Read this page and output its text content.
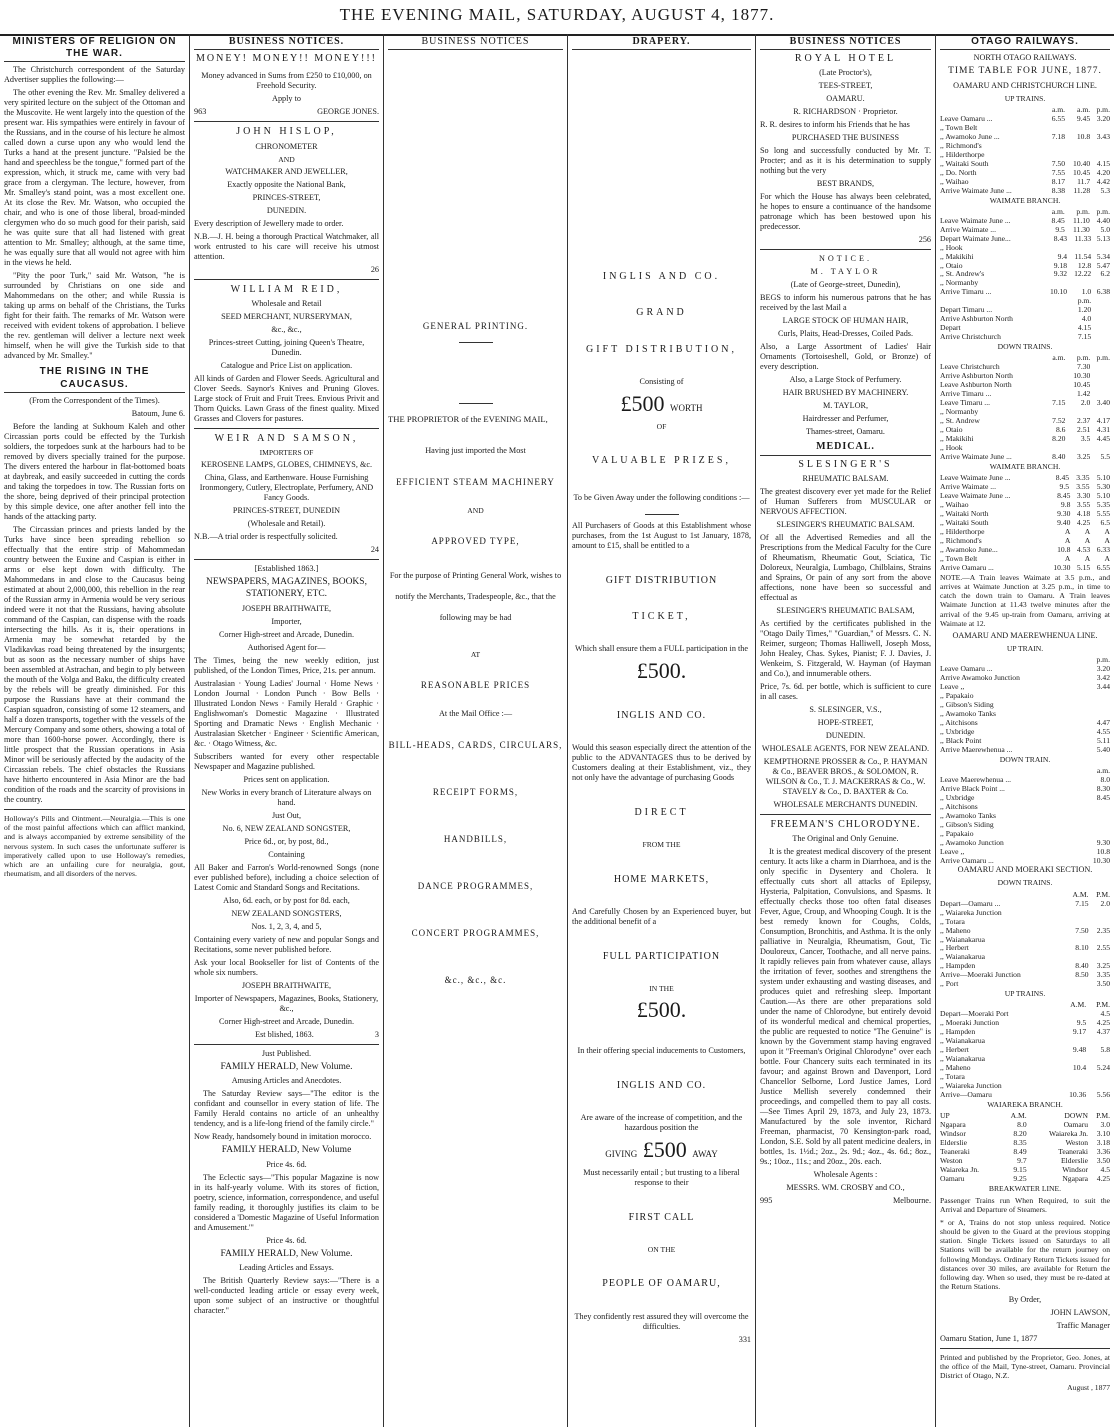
THE EVENING MAIL, SATURDAY, AUGUST 4, 1877.
MINISTERS OF RELIGION ON THE WAR.

The Christchurch correspondent of the Saturday Advertiser supplies the following:—

The other evening the Rev. Mr. Smalley delivered a very spirited lecture on the subject of the Ottoman and the Muscovite. He went largely into the question of the present war. His sympathies were entirely in favour of the Russians, and in the course of his lecture he almost called down a curse upon any who would lend the Turks a hand at the present juncture. "Palsied be the hand and speechless be the tongue," formed part of the expression, which, it struck me, came with very bad grace from a clergyman. The lecture, however, from Mr. Smalley's stand point, was a most excellent one. At its close the Rev. Mr. Watson, who occupied the chair, and who is one of those liberal, broad-minded clergymen who do so much good for their parish, said he was quite sure that all had listened with great attention to Mr. Smalley; although, at the same time, he was equally sure that all would not agree with him in the views he held.

"Pity the poor Turk," said Mr. Watson, "he is surrounded by Christians on one side and Mahommedans on the other; and while Russia is taking up arms on behalf of the Christians, the Turks fight for their faith. The remarks of Mr. Watson were received with evident tokens of approbation. I believe the rev. gentleman will deliver a lecture next week himself, when he will give the Turkish side to that advanced by Mr. Smalley."

THE RISING IN THE CAUCASUS.

(From the Correspondent of the Times).

Batoum, June 6.

Before the landing at Sukhoum Kaleh and other Circassian ports could be effected by the Turkish soldiers, the torpedoes sunk at the harbours had to be removed by divers specially trained for the purpose. The divers entered the harbour in flat-bottomed boats at daybreak, and easily succeeded in cutting the cords and taking the torpedoes in tow. The Russian forts on the shore, being deprived of their principal protection by this simple device, one after another fell into the hands of the attacking party.

The Circassian princes and priests landed by the Turks have since been spreading rebellion so effectually that the entire strip of Mahommedan country between the Euxine and Caspian is either in arms or else kept down with difficulty. The Mahommedans in and close to the Caucasus being estimated at about 2,000,000, this rebellion in the rear of the Russian army in Armenia would be very serious indeed were it not that the Russians, having absolute command of the Caspian, can dispense with the roads intersecting the hills. As it is, their operations in Armenia may be somewhat retarded by the Vladikavkas road being threatened by the insurgents; but as soon as the necessary number of ships have been assembled at Astrachan, and begin to ply between the mouth of the Volga and Baku, the difficulty created by the rebels will be greatly diminished. For this purpose the Russians have at their command the Caspian squadron, consisting of some 12 steamers, and half a dozen transports, together with the vessels of the Mercury Company and some others, showing a total of more than 1600-horse power. Accordingly, there is little prospect that the Russian operations in Asia Minor will be seriously affected by the audacity of the Circassian rebels. The chief obstacles the Russians have hitherto encountered in Asia Minor are the bad condition of the roads and the scarcity of provisions in the country.

Holloway's Pills and Ointment.—Neuralgia.—This is one of the most painful affections which can afflict mankind, and is always accompanied by extreme sensibility of the nervous system. In such cases the unfortunate sufferer is imperatively called upon to use Holloway's remedies, which are an unfailing cure for neuralgia, gout, rheumatism, and all disorders of the nerves.

BUSINESS NOTICES.
MONEY! MONEY!! MONEY!!!

Money advanced in Sums from £250 to £10,000, on Freehold Security.

Apply to

963	GEORGE JONES.

JOHN HISLOP,

CHRONOMETER

AND

WATCHMAKER AND JEWELLER,

Exactly opposite the National Bank,

PRINCES-STREET,

DUNEDIN.

Every description of Jewellery made to order.

N.B.—J. H. being a thorough Practical Watchmaker, all work entrusted to his care will receive his utmost attention.

26

WILLIAM REID,

Wholesale and Retail

SEED MERCHANT, NURSERYMAN,

&c., &c.,

Princes-street Cutting, joining Queen's Theatre, Dunedin.

Catalogue and Price List on application.

All kinds of Garden and Flower Seeds. Agricultural and Clover Seeds. Saynor's Knives and Pruning Gloves. Large stock of Fruit and Fruit Trees. Envious Privit and Thorn Quicks. Lawn Grass of the finest quality. Mixed Grasses and Clovers for pastures.

WEIR AND SAMSON,

IMPORTERS OF

KEROSENE LAMPS, GLOBES, CHIMNEYS, &c.

China, Glass, and Earthenware. House Furnishing Ironmongery, Cutlery, Electroplate, Perfumery, AND Fancy Goods.

PRINCES-STREET, DUNEDIN

(Wholesale and Retail).

N.B.—A trial order is respectfully solicited.

24

[Established 1863.]

NEWSPAPERS, MAGAZINES, BOOKS, STATIONERY, ETC.

JOSEPH BRAITHWAITE,

Importer,

Corner High-street and Arcade, Dunedin.

Authorised Agent for—

The Times, being the new weekly edition, just published, of the London Times, Price, 21s. per annum.

Australasian · Young Ladies' Journal · Home News · London Journal · London Punch · Bow Bells · Illustrated London News · Family Herald · Graphic · Englishwoman's Domestic Magazine · Illustrated Sporting and Dramatic News · English Mechanic · Australasian Sketcher · Engineer · Scientific American, &c. · Otago Witness, &c.

Subscribers wanted for every other respectable Newspaper and Magazine published.

Prices sent on application.

New Works in every branch of Literature always on hand.

Just Out,

No. 6, NEW ZEALAND SONGSTER,

Price 6d., or, by post, 8d.,

Containing

All Baker and Farron's World-renowned Songs (none ever published before), including a choice selection of Latest Comic and Standard Songs and Recitations.

Also, 6d. each, or by post for 8d. each,

NEW ZEALAND SONGSTERS,

Nos. 1, 2, 3, 4, and 5,

Containing every variety of new and popular Songs and Recitations, some never published before.

Ask your local Bookseller for list of Contents of the whole six numbers.

JOSEPH BRAITHWAITE,

Importer of Newspapers, Magazines, Books, Stationery, &c.,

Corner High-street and Arcade, Dunedin.

Est blished, 1863.	3

Just Published.

FAMILY HERALD, New Volume.

Amusing Articles and Anecdotes.

The Saturday Review says—"The editor is the confidant and counsellor in every station of life. The Family Herald contains no article of an unhealthy tendency, and is a life-long friend of the family circle."

Now Ready, handsomely bound in imitation morocco.

FAMILY HERALD, New Volume

Price 4s. 6d.

The Eclectic says—"This popular Magazine is now in its half-yearly volume. With its stores of fiction, poetry, science, information, correspondence, and useful family reading, it thoroughly justifies its claim to be considered a 'Domestic Magazine of Useful Information and Amusement.'"

Price 4s. 6d.

FAMILY HERALD, New Volume.

Leading Articles and Essays.

The British Quarterly Review says:—"There is a well-conducted leading article or essay every week, upon some subject of an instructive or thoughtful character."

BUSINESS NOTICES
GENERAL PRINTING.

THE PROPRIETOR of the EVENING MAIL,

Having just imported the Most

EFFICIENT STEAM MACHINERY

AND

APPROVED TYPE,

For the purpose of Printing General Work, wishes to notify the Merchants, Tradespeople, &c., that the following may be had

AT

REASONABLE PRICES

At the Mail Office :—

BILL-HEADS, CARDS, CIRCULARS,
RECEIPT FORMS,
HANDBILLS,
DANCE PROGRAMMES,
CONCERT PROGRAMMES,
&c., &c., &c.
DRAPERY.
INGLIS AND CO.
GRAND
GIFT DISTRIBUTION,

Consisting of

£500 WORTH

OF

VALUABLE PRIZES,

To be Given Away under the following conditions :—

All Purchasers of Goods at this Establishment whose purchases, from the 1st August to 1st January, 1878, amount to £15, shall be entitled to a

GIFT DISTRIBUTION
TICKET,

Which shall ensure them a FULL participation in the

£500.
INGLIS AND CO.

Would this season especially direct the attention of the public to the ADVANTAGES thus to be derived by Customers dealing at their Establishment, viz., they not only have the advantage of purchasing Goods

DIRECT

FROM THE

HOME MARKETS,

And Carefully Chosen by an Experienced buyer, but the additional benefit of a

FULL PARTICIPATION

IN THE

£500.

In their offering special inducements to Customers,

INGLIS AND CO.

Are aware of the increase of competition, and the hazardous position the

GIVING £500 AWAY

Must necessarily entail ; but trusting to a liberal response to their

FIRST CALL

ON THE

PEOPLE OF OAMARU,

They confidently rest assured they will overcome the difficulties.

331

BUSINESS NOTICES
ROYAL HOTEL

(Late Proctor's),

TEES-STREET,

OAMARU.

R. RICHARDSON · Proprietor.

R. R. desires to inform his Friends that he has

PURCHASED THE BUSINESS

So long and successfully conducted by Mr. T. Procter; and as it is his determination to supply nothing but the very

BEST BRANDS,

For which the House has always been celebrated, he hopes to ensure a continuance of the handsome patronage which has been bestowed upon his predecessor.

256

NOTICE.

M. TAYLOR

(Late of George-street, Dunedin),

BEGS to inform his numerous patrons that he has received by the last Mail a

LARGE STOCK OF HUMAN HAIR,

Curls, Plaits, Head-Dresses, Coiled Pads.

Also, a Large Assortment of Ladies' Hair Ornaments (Tortoiseshell, Gold, or Bronze) of every description.

Also, a Large Stock of Perfumery.

HAIR BRUSHED BY MACHINERY.

M. TAYLOR,

Hairdresser and Perfumer,

Thames-street, Oamaru.

MEDICAL.
SLESINGER'S

RHEUMATIC BALSAM.

The greatest discovery ever yet made for the Relief of Human Sufferers from MUSCULAR or NERVOUS AFFECTION.

SLESINGER'S RHEUMATIC BALSAM.

Of all the Advertised Remedies and all the Prescriptions from the Medical Faculty for the Cure of Rheumatism, Rheumatic Gout, Sciatica, Tic Doloreux, Neuralgia, Lumbago, Chilblains, Strains and Sprains, Or pain of any sort from the above affections, none have been so successful and effectual as

SLESINGER'S RHEUMATIC BALSAM,

As certified by the certificates published in the "Otago Daily Times," "Guardian," of Messrs. C. N. Reimer, surgeon; Thomas Halliwell, Joseph Moss, John Healey, Chas. Sykes, Pianist; F. J. Davies, J. Wenkeim, S. Fitzgerald, W. Hayman (of Hayman and Co.), and innumerable others.

Price, 7s. 6d. per bottle, which is sufficient to cure in all cases.

S. SLESINGER, V.S.,

HOPE-STREET,

DUNEDIN.

WHOLESALE AGENTS, FOR NEW ZEALAND.

KEMPTHORNE PROSSER & Co., P. HAYMAN & Co., BEAVER BROS., & SOLOMON, R. WILSON & Co., T. J. MACKERRAS & Co., W. STAVELY & Co., D. BAXTER & Co.

WHOLESALE MERCHANTS DUNEDIN.

FREEMAN'S CHLORODYNE.

The Original and Only Genuine.

It is the greatest medical discovery of the present century. It acts like a charm in Diarrhoea, and is the only specific in Dysentery and Cholera. It effectually cuts short all attacks of Epilepsy, Hysteria, Palpitation, Convulsions, and Spasms. It effectually checks those too often fatal diseases Fever, Ague, Croup, and Whooping Cough. It is the best remedy known for Coughs, Colds, Consumption, Bronchitis, and Asthma. It is the only palliative in Neuralgia, Rheumatism, Gout, Tic Douloreux, Cancer, Toothache, and all nerve pains. It rapidly relieves pain from whatever cause, allays the irritation of fever, soothes and strengthens the system under exhausting and wasting diseases, and produces quiet and refreshing sleep. Important Caution.—As there are other preparations sold under the name of Chlorodyne, but entirely devoid of its wonderful medical and chemical properties, the public are requested to notice "The Genuine" is known by the Government stamp having engraved upon it "Freeman's Original Chlorodyne" over each bottle. Four Chancery suits each terminated in its favour; and against Brown and Davenport, Lord Chancellor Selborne, Lord Justice James, Lord Justice Mellish severely condemned their proceedings, and compelled them to pay all costs.—See Times April 29, 1873, and July 23, 1873. Manufactured by the sole inventor, Richard Freeman, pharmacist, 70 Kensington-park road, London, S.E. Sold by all patent medicine dealers, in bottles, 1s. 1½d.; 2oz., 2s. 9d.; 4oz., 4s. 6d.; 8oz., 9s.; 10oz., 11s.; and 20oz., 20s. each.

Wholesale Agents :

MESSRS. WM. CROSBY and CO.,

995	Melbourne.

OTAGO RAILWAYS.

NORTH OTAGO RAILWAYS.

TIME TABLE FOR JUNE, 1877.

OAMARU AND CHRISTCHURCH LINE.

UP TRAINS.

	a.m.	a.m.	p.m.
Leave Oamaru ...	6.55	9.45	3.20
,, Town Belt			
,, Awamoko June ...	7.18	10.8	3.43
,, Richmond's			
,, Hilderthorpe			
,, Waitaki South	7.50	10.40	4.15
,, Do. North	7.55	10.45	4.20
,, Waihao	8.17	11.7	4.42
Arrive Waimate June ...	8.38	11.28	5.3

WAIMATE BRANCH.

	a.m.	p.m.	p.m.
Leave Waimate June ...	8.45	11.10	4.40
Arrive Waimate ...	9.5	11.30	5.0
Depart Waimate June...	8.43	11.33	5.13
,, Hook			
,, Makikihi	9.4	11.54	5.34
,, Otaio	9.18	12.8	5.47
,, St. Andrew's	9.32	12.22	6.2
,, Normanby			
Arrive Timaru ...	10.10	1.0	6.38
		p.m.	
Depart Timaru ...		1.20	
Arrive Ashburton North		4.0	
Depart		4.15	
Arrive Christchurch		7.15	

DOWN TRAINS.

	a.m.	p.m.	p.m.
Leave Christchurch		7.30	
Arrive Ashburton North		10.30	
Leave Ashburton North		10.45	
Arrive Timaru ...		1.42	
Leave Timaru ...	7.15	2.0	3.40
,, Normanby			
,, St. Andrew	7.52	2.37	4.17
,, Otaio	8.6	2.51	4.31
,, Makikihi	8.20	3.5	4.45
,, Hook			
Arrive Waimate June ...	8.40	3.25	5.5

WAIMATE BRANCH.

Leave Waimate June ...	8.45	3.35	5.10
Arrive Waimate ...	9.5	3.55	5.30
Leave Waimate June ...	8.45	3.30	5.10
,, Waihao	9.8	3.55	5.35
,, Waitaki North	9.30	4.18	5.55
,, Waitaki South	9.40	4.25	6.5
,, Hilderthorpe	A	A	A
,, Richmond's	A	A	A
,, Awamoko June...	10.8	4.53	6.33
,, Town Belt	A	A	A
Arrive Oamaru ...	10.30	5.15	6.55

NOTE.—A Train leaves Waimate at 3.5 p.m., and arrives at Waimate Junction at 3.25 p.m., in time to catch the down train to Oamaru. A Train leaves Waimate Junction at 11.43 twelve minutes after the arrival of the 9.45 up-train from Oamaru, arriving at Waimate at 12.

OAMARU AND MAEREWHENUA LINE.

UP TRAIN.

	p.m.
Leave Oamaru ...	3.20
Arrive Awamoko Junction	3.42
Leave ,,	3.44
,, Papakaio	
,, Gibson's Siding	
,, Awamoko Tanks	
,, Aitchisons	4.47
,, Uxbridge	4.55
,, Black Point	5.11
Arrive Maerewhenua ...	5.40

DOWN TRAIN.

	a.m.
Leave Maerewhenua ...	8.0
Arrive Black Point ...	8.30
,, Uxbridge	8.45
,, Aitchisons	
,, Awamoko Tanks	
,, Gibson's Siding	
,, Papakaio	
,, Awamoko Junction	9.30
Leave ,,	10.8
Arrive Oamaru ...	10.30

OAMARU AND MOERAKI SECTION.

DOWN TRAINS.

	A.M.	P.M.
Depart—Oamaru ...	7.15	2.0
,, Waiareka Junction		
,, Totara		
,, Maheno	7.50	2.35
,, Waianakarua		
,, Herbert	8.10	2.55
,, Waianakarua		
,, Hampden	8.40	3.25
Arrive—Moeraki Junction	8.50	3.35
,, Port		3.50

UP TRAINS.

	A.M.	P.M.
Depart—Moeraki Port		4.5
,, Moeraki Junction	9.5	4.25
,, Hampden	9.17	4.37
,, Waianakarua		
,, Herbert	9.48	5.8
,, Waianakarua		
,, Maheno	10.4	5.24
,, Totara		
,, Waiareka Junction		
Arrive—Oamaru	10.36	5.56

WAIAREKA BRANCH.

UP	A.M.	DOWN	P.M.
Ngapara	8.0	Oamaru	3.0
Windsor	8.20	Waiareka Jn.	3.10
Elderslie	8.35	Weston	3.18
Teaneraki	8.49	Teaneraki	3.36
Weston	9.7	Elderslie	3.50
Waiareka Jn.	9.15	Windsor	4.5
Oamaru	9.25	Ngapara	4.25

BREAKWATER LINE.

Passenger Trains run When Required, to suit the Arrival and Departure of Steamers.

* or A, Trains do not stop unless required. Notice should be given to the Guard at the previous stopping station. Single Tickets issued on Saturdays to all Stations will be available for the return journey on following Mondays. Ordinary Return Tickets issued for distances over 30 miles, are available for Return the following day. When so used, they must be re-dated at the Return Stations.

By Order,

JOHN LAWSON,

Traffic Manager

Oamaru Station, June 1, 1877

Printed and published by the Proprietor, Geo. Jones, at the office of the Mail, Tyne-street, Oamaru. Provincial District of Otago, N.Z.

August , 1877
